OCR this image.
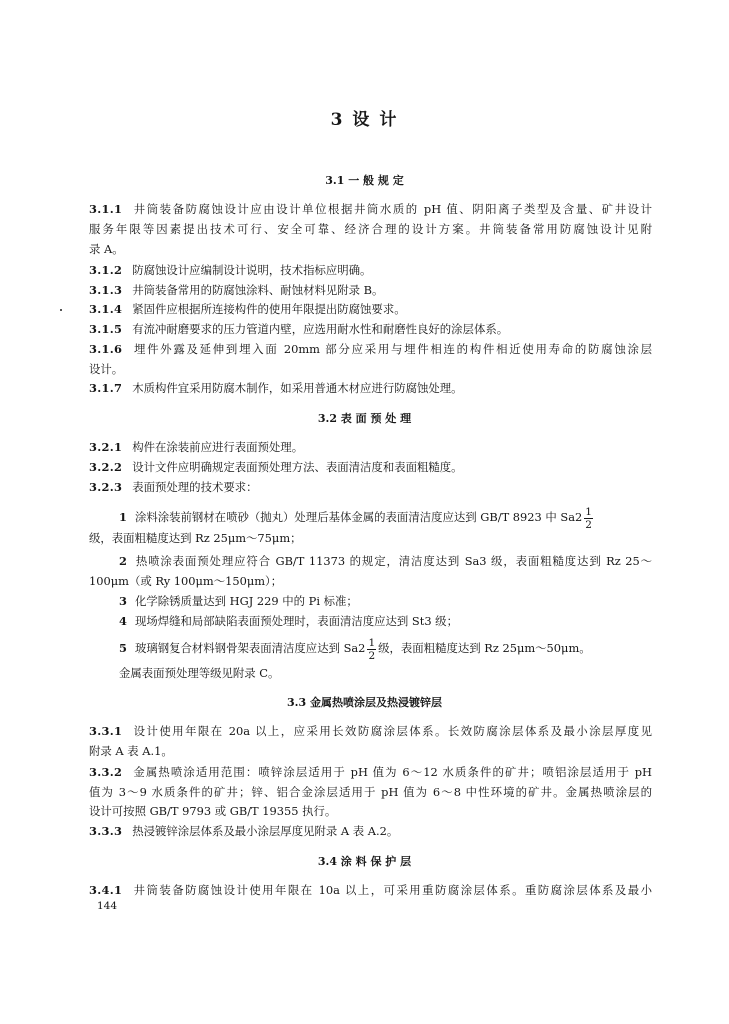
3 设 计
3.1 一 般 规 定
3.1.1 井筒装备防腐蚀设计应由设计单位根据井筒水质的 pH 值、阴阳离子类型及含量、矿井设计
服务年限等因素提出技术可行、安全可靠、经济合理的设计方案。井筒装备常用防腐蚀设计见附
录 A。
3.1.2 防腐蚀设计应编制设计说明，技术指标应明确。
3.1.3 井筒装备常用的防腐蚀涂料、耐蚀材料见附录 B。
3.1.4 紧固件应根据所连接构件的使用年限提出防腐蚀要求。
3.1.5 有流冲耐磨要求的压力管道内壁，应选用耐水性和耐磨性良好的涂层体系。
3.1.6 埋件外露及延伸到埋入面 20mm 部分应采用与埋件相连的构件相近使用寿命的防腐蚀涂层
设计。
3.1.7 木质构件宜采用防腐木制作，如采用普通木材应进行防腐蚀处理。
3.2 表 面 预 处 理
3.2.1 构件在涂装前应进行表面预处理。
3.2.2 设计文件应明确规定表面预处理方法、表面清洁度和表面粗糙度。
3.2.3 表面预处理的技术要求：
1 涂料涂装前钢材在喷砂（抛丸）处理后基体金属的表面清洁度应达到 GB/T 8923 中 $Sa2 \frac{1}{2}$
级，表面粗糙度达到 Rz 25μm～75μm；
2 热喷涂表面预处理应符合 GB/T 11373 的规定，清洁度达到 Sa3 级，表面粗糙度达到 Rz 25～
100μm（或 Ry 100μm～150μm）；
3 化学除锈质量达到 HGJ 229 中的 Pi 标准；
4 现场焊缝和局部缺陷表面预处理时，表面清洁度应达到 St3 级；
5 玻璃钢复合材料钢骨架表面清洁度应达到 $Sa2 \frac{1}{2}$ 级，表面粗糙度达到 Rz 25μm～50μm。
金属表面预处理等级见附录 C。
3.3 金属热喷涂层及热浸镀锌层
3.3.1 设计使用年限在 20a 以上，应采用长效防腐涂层体系。长效防腐涂层体系及最小涂层厚度见
附录 A 表 A.1。
3.3.2 金属热喷涂适用范围：喷锌涂层适用于 pH 值为 6～12 水质条件的矿井；喷铝涂层适用于 pH
值为 3～9 水质条件的矿井；锌、铝合金涂层适用于 pH 值为 6～8 中性环境的矿井。金属热喷涂层的
设计可按照 GB/T 9793 或 GB/T 19355 执行。
3.3.3 热浸镀锌涂层体系及最小涂层厚度见附录 A 表 A.2。
3.4 涂 料 保 护 层
3.4.1 井筒装备防腐蚀设计使用年限在 10a 以上，可采用重防腐涂层体系。重防腐涂层体系及最小
144
